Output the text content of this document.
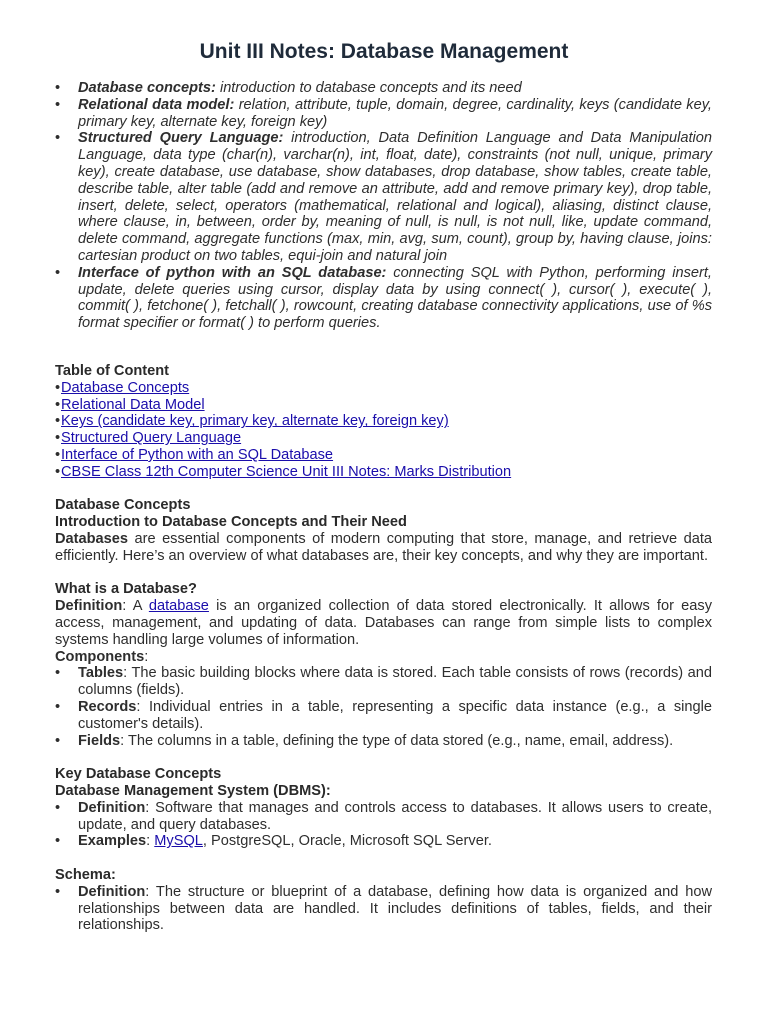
Unit III Notes: Database Management
• Database concepts: introduction to database concepts and its need
• Relational data model: relation, attribute, tuple, domain, degree, cardinality, keys (candidate key, primary key, alternate key, foreign key)
• Structured Query Language: introduction, Data Definition Language and Data Manipulation Language, data type (char(n), varchar(n), int, float, date), constraints (not null, unique, primary key), create database, use database, show databases, drop database, show tables, create table, describe table, alter table (add and remove an attribute, add and remove primary key), drop table, insert, delete, select, operators (mathematical, relational and logical), aliasing, distinct clause, where clause, in, between, order by, meaning of null, is null, is not null, like, update command, delete command, aggregate functions (max, min, avg, sum, count), group by, having clause, joins: cartesian product on two tables, equi-join and natural join
• Interface of python with an SQL database: connecting SQL with Python, performing insert, update, delete queries using cursor, display data by using connect( ), cursor( ), execute( ), commit( ), fetchone( ), fetchall( ), rowcount, creating database connectivity applications, use of %s format specifier or format( ) to perform queries.
Table of Content
• Database Concepts
• Relational Data Model
• Keys (candidate key, primary key, alternate key, foreign key)
• Structured Query Language
• Interface of Python with an SQL Database
• CBSE Class 12th Computer Science Unit III Notes: Marks Distribution
Database Concepts
Introduction to Database Concepts and Their Need
Databases are essential components of modern computing that store, manage, and retrieve data efficiently. Here’s an overview of what databases are, their key concepts, and why they are important.
What is a Database?
Definition: A database is an organized collection of data stored electronically. It allows for easy access, management, and updating of data. Databases can range from simple lists to complex systems handling large volumes of information.
Components:
• Tables: The basic building blocks where data is stored. Each table consists of rows (records) and columns (fields).
• Records: Individual entries in a table, representing a specific data instance (e.g., a single customer's details).
• Fields: The columns in a table, defining the type of data stored (e.g., name, email, address).
Key Database Concepts
Database Management System (DBMS):
• Definition: Software that manages and controls access to databases. It allows users to create, update, and query databases.
• Examples: MySQL, PostgreSQL, Oracle, Microsoft SQL Server.
Schema:
• Definition: The structure or blueprint of a database, defining how data is organized and how relationships between data are handled. It includes definitions of tables, fields, and their relationships.
